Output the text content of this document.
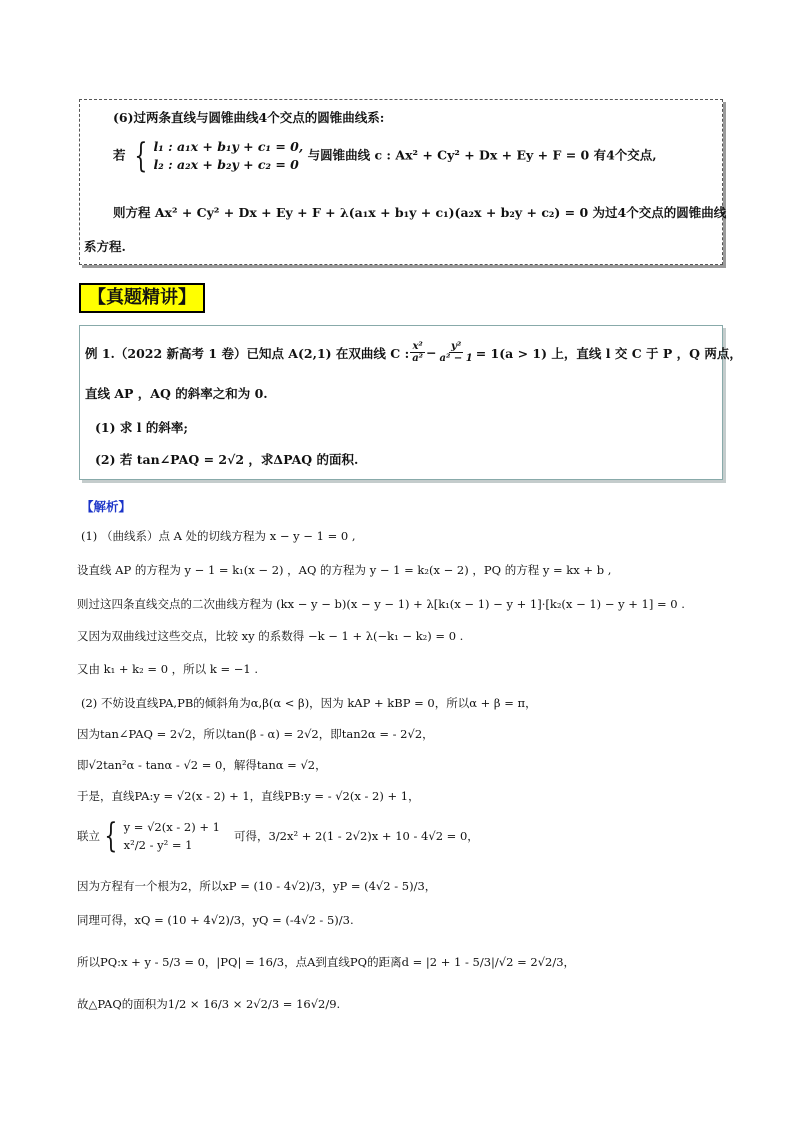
(6)过两条直线与圆锥曲线4个交点的圆锥曲线系:
若 { l₁ : a₁x + b₁y + c₁ = 0,
l₂ : a₂x + b₂y + c₂ = 0
与圆锥曲线 c : Ax² + Cy² + Dx + Ey + F = 0 有4个交点,
则方程 Ax² + Cy² + Dx + Ey + F + λ(a₁x + b₁y + c₁)(a₂x + b₂y + c₂) = 0 为过4个交点的圆锥曲线
系方程.
【真题精讲】
例 1.（2022 新高考 1 卷）已知点 A(2,1) 在双曲线 C : $\frac{\text{x²}}{\text{a²}} - \frac{\text{y²}}{\text{a² − 1}} = 1(a > 1)$ 上，直线 l 交 C 于 P ，Q 两点，
直线 AP ，AQ 的斜率之和为 0.
(1) 求 l 的斜率;
(2) 若 tan∠PAQ = 2√2 ，求ΔPAQ 的面积.
【解析】
(1) （曲线系）点 A 处的切线方程为 x − y − 1 = 0 ,
设直线 AP 的方程为 y − 1 = k₁(x − 2) ，AQ 的方程为 y − 1 = k₂(x − 2) ，PQ 的方程 y = kx + b ,
则过这四条直线交点的二次曲线方程为 (kx − y − b)(x − y − 1) + λ[k₁(x − 1) − y + 1]·[k₂(x − 1) − y + 1] = 0 .
又因为双曲线过这些交点，比较 xy 的系数得 −k − 1 + λ(−k₁ − k₂) = 0 .
又由 k₁ + k₂ = 0 ，所以 k = −1 .
(2) 不妨设直线PA,PB的倾斜角为α,β(α < β)，因为 kAP + kBP = 0，所以α + β = π，
因为tan∠PAQ = 2√2，所以tan(β - α) = 2√2，即tan2α = - 2√2，
即√2tan²α - tanα - √2 = 0，解得tanα = √2，
于是，直线PA:y = √2(x - 2) + 1，直线PB:y = - √2(x - 2) + 1，
联立 { y = √2(x - 2) + 1
x²/2 - y² = 1
可得，3/2x² + 2(1 - 2√2)x + 10 - 4√2 = 0，
因为方程有一个根为2，所以xP = (10 - 4√2)/3，yP = (4√2 - 5)/3，
同理可得，xQ = (10 + 4√2)/3，yQ = (-4√2 - 5)/3.
所以PQ:x + y - 5/3 = 0，|PQ| = 16/3，点A到直线PQ的距离d = |2 + 1 - 5/3|/√2 = 2√2/3，
故△PAQ的面积为1/2 × 16/3 × 2√2/3 = 16√2/9.
